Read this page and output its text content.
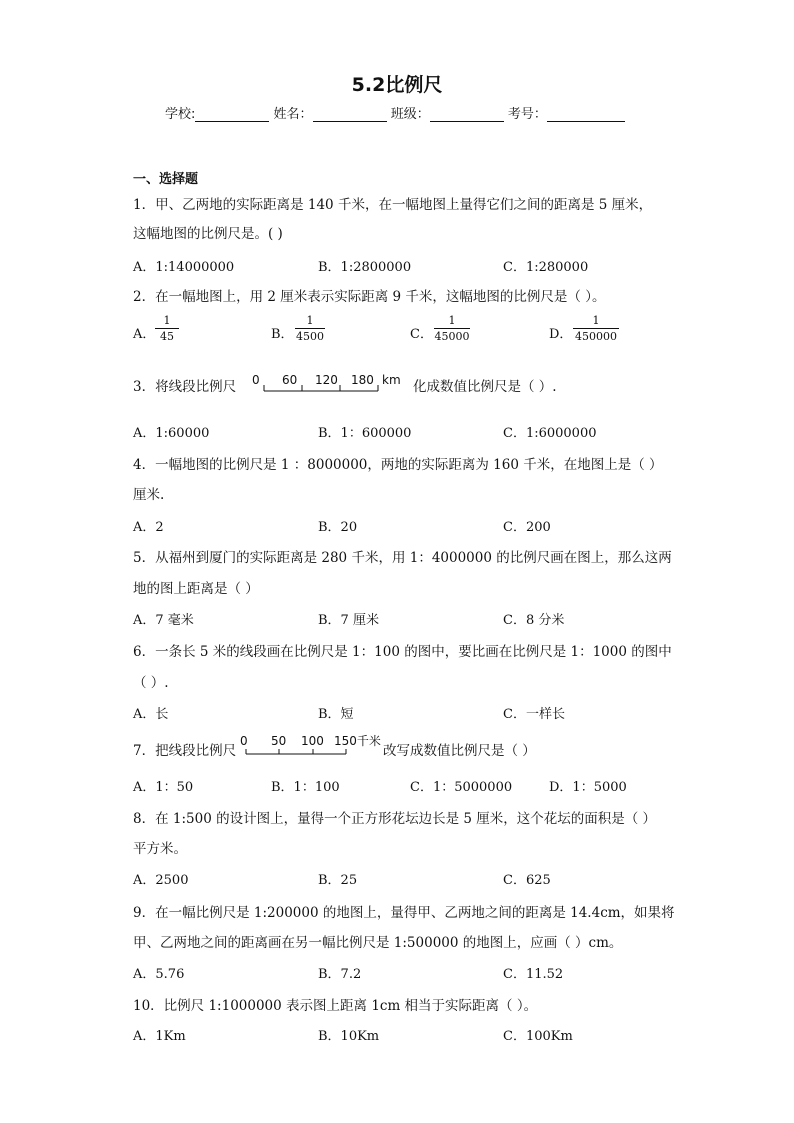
5.2比例尺
学校:	姓名：	班级：	考号：
一、选择题
1．甲、乙两地的实际距离是 140 千米，在一幅地图上量得它们之间的距离是 5 厘米，
这幅地图的比例尺是。( )
A．1:14000000	B．1:2800000	C．1:280000
2．在一幅地图上，用 2 厘米表示实际距离 9 千米，这幅地图的比例尺是（ ）。
A． $\frac{1}{45}$	B． $\frac{1}{4500}$	C． $\frac{1}{45000}$	D． $\frac{1}{450000}$
3．将线段比例尺 0 60 120 180 km 化成数值比例尺是（ ）.
A．1:60000	B．1：600000	C．1:6000000
4．一幅地图的比例尺是 1 ：8000000，两地的实际距离为 160 千米，在地图上是（ ）
厘米.
A．2	B．20	C．200
5．从福州到厦门的实际距离是 280 千米，用 1：4000000 的比例尺画在图上，那么这两
地的图上距离是（ ）
A．7 毫米	B．7 厘米	C．8 分米
6．一条长 5 米的线段画在比例尺是 1：100 的图中，要比画在比例尺是 1：1000 的图中
（ ）.
A．长	B．短	C．一样长
7．把线段比例尺
0 50 100 150千米
改写成数值比例尺是（ ）
A．1：50	B．1：100	C．1：5000000	D．1：5000
8．在 1:500 的设计图上，量得一个正方形花坛边长是 5 厘米，这个花坛的面积是（ ）
平方米。
A．2500	B．25	C．625
9．在一幅比例尺是 1:200000 的地图上，量得甲、乙两地之间的距离是 14.4cm，如果将
甲、乙两地之间的距离画在另一幅比例尺是 1:500000 的地图上，应画（ ）cm。
A．5.76	B．7.2	C．11.52
10．比例尺 1:1000000 表示图上距离 1cm 相当于实际距离（ ）。
A．1Km	B．10Km	C．100Km
